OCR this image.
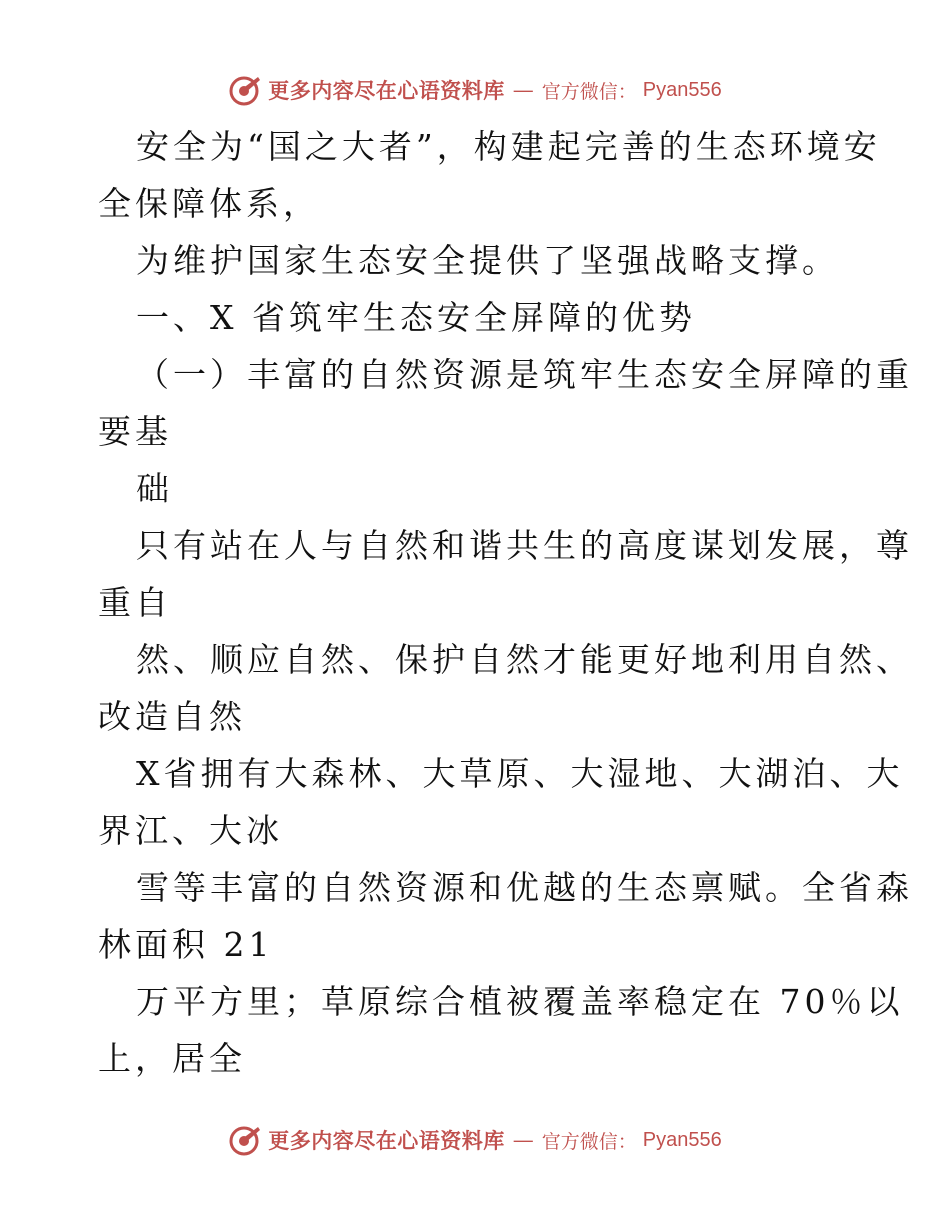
更多内容尽在心语资料库 — 官方微信： Pyan556
安全为“国之大者”，构建起完善的生态环境安
全保障体系，
为维护国家生态安全提供了坚强战略支撑。
一、X 省筑牢生态安全屏障的优势
（一）丰富的自然资源是筑牢生态安全屏障的重
要基
础
只有站在人与自然和谐共生的高度谋划发展，尊
重自
然、顺应自然、保护自然才能更好地利用自然、
改造自然
X省拥有大森林、大草原、大湿地、大湖泊、大
界江、大冰
雪等丰富的自然资源和优越的生态禀赋。全省森
林面积 21
万平方里；草原综合植被覆盖率稳定在 70％以
上，居全
更多内容尽在心语资料库 — 官方微信： Pyan556
